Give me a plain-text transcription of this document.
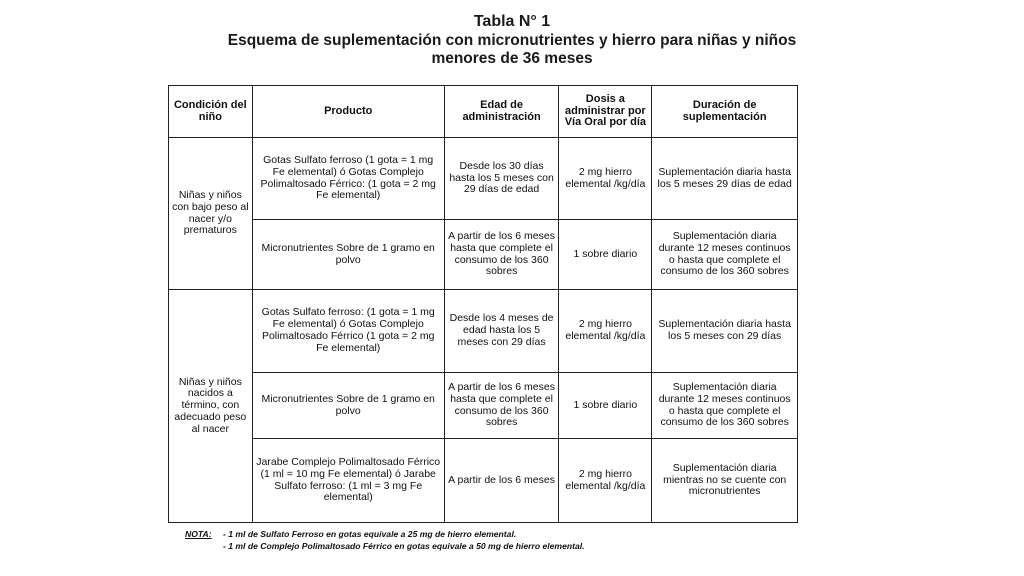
Tabla N° 1
Esquema de suplementación con micronutrientes y hierro para niñas y niños
menores de 36 meses
Condición del niño	Producto	Edad de administración	Dosis a administrar por Vía Oral por día	Duración de suplementación
Niñas y niños con bajo peso al nacer y/o prematuros	Gotas Sulfato ferroso (1 gota = 1 mg Fe elemental) ó Gotas Complejo Polimaltosado Férrico: (1 gota = 2 mg Fe elemental)	Desde los 30 días hasta los 5 meses con 29 días de edad	2 mg hierro elemental /kg/día	Suplementación diaria hasta los 5 meses 29 días de edad
	Micronutrientes Sobre de 1 gramo en polvo	A partir de los 6 meses hasta que complete el consumo de los 360 sobres	1 sobre diario	Suplementación diaria durante 12 meses continuos o hasta que complete el consumo de los 360 sobres
Niñas y niños nacidos a término, con adecuado peso al nacer	Gotas Sulfato ferroso: (1 gota = 1 mg Fe elemental) ó Gotas Complejo Polimaltosado Férrico (1 gota = 2 mg Fe elemental)	Desde los 4 meses de edad hasta los 5 meses con 29 días	2 mg hierro elemental /kg/día	Suplementación diaria hasta los 5 meses con 29 días
	Micronutrientes Sobre de 1 gramo en polvo	A partir de los 6 meses hasta que complete el consumo de los 360 sobres	1 sobre diario	Suplementación diaria durante 12 meses continuos o hasta que complete el consumo de los 360 sobres
	Jarabe Complejo Polimaltosado Férrico (1 ml = 10 mg Fe elemental) ó Jarabe Sulfato ferroso: (1 ml = 3 mg Fe elemental)	A partir de los 6 meses	2 mg hierro elemental /kg/día	Suplementación diaria mientras no se cuente con micronutrientes
NOTA: - 1 ml de Sulfato Ferroso en gotas equivale a 25 mg de hierro elemental.
- 1 ml de Complejo Polimaltosado Férrico en gotas equivale a 50 mg de hierro elemental.
